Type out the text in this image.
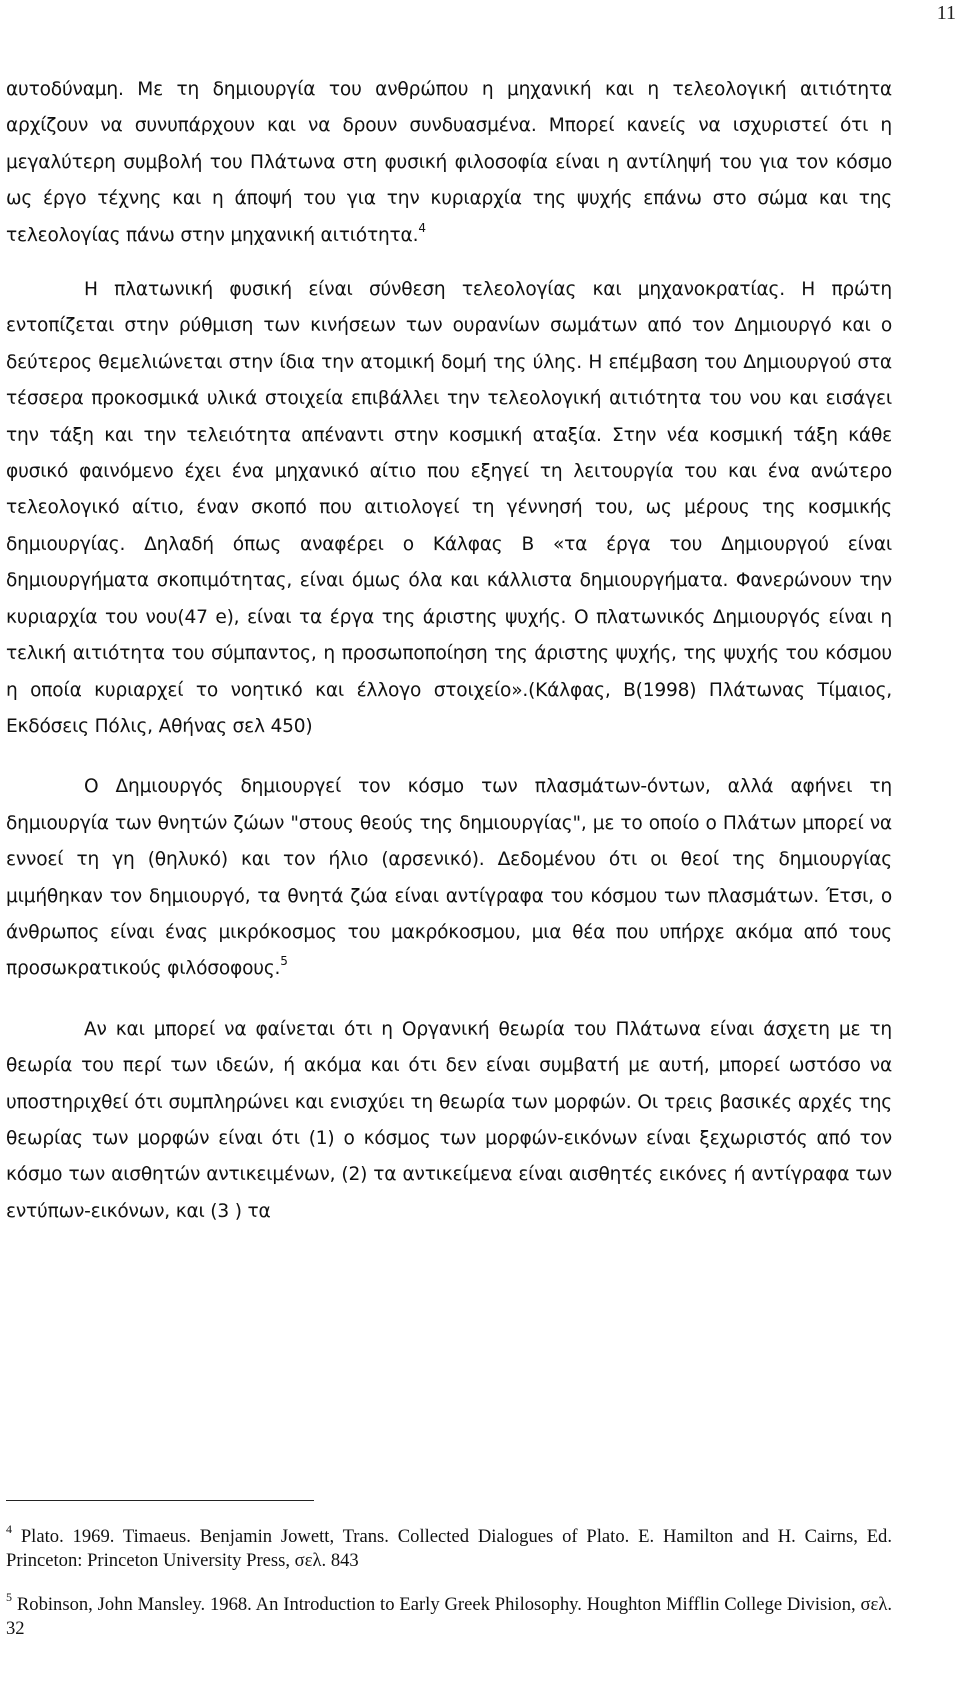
11

αυτοδύναμη. Με τη δημιουργία του ανθρώπου η μηχανική και η τελεολογική αιτιότητα αρχίζουν να συνυπάρχουν και να δρουν συνδυασμένα. Μπορεί κανείς να ισχυριστεί ότι η μεγαλύτερη συμβολή του Πλάτωνα στη φυσική φιλοσοφία είναι η αντίληψή του για τον κόσμο ως έργο τέχνης και η άποψή του για την κυριαρχία της ψυχής επάνω στο σώμα και της τελεολογίας πάνω στην μηχανική αιτιότητα.$^4$

Η πλατωνική φυσική είναι σύνθεση τελεολογίας και μηχανοκρατίας. Η πρώτη εντοπίζεται στην ρύθμιση των κινήσεων των ουρανίων σωμάτων από τον Δημιουργό και ο δεύτερος θεμελιώνεται στην ίδια την ατομική δομή της ύλης. Η επέμβαση του Δημιουργού στα τέσσερα προκοσμικά υλικά στοιχεία επιβάλλει την τελεολογική αιτιότητα του νου και εισάγει την τάξη και την τελειότητα απέναντι στην κοσμική αταξία. Στην νέα κοσμική τάξη κάθε φυσικό φαινόμενο έχει ένα μηχανικό αίτιο που εξηγεί τη λειτουργία του και ένα ανώτερο τελεολογικό αίτιο, έναν σκοπό που αιτιολογεί τη γέννησή του, ως μέρους της κοσμικής δημιουργίας. Δηλαδή όπως αναφέρει ο Κάλφας Β «τα έργα του Δημιουργού είναι δημιουργήματα σκοπιμότητας, είναι όμως όλα και κάλλιστα δημιουργήματα. Φανερώνουν την κυριαρχία του νου(47 e), είναι τα έργα της άριστης ψυχής. Ο πλατωνικός Δημιουργός είναι η τελική αιτιότητα του σύμπαντος, η προσωποποίηση της άριστης ψυχής, της ψυχής του κόσμου η οποία κυριαρχεί το νοητικό και έλλογο στοιχείο».(Κάλφας, Β(1998) Πλάτωνας Τίμαιος, Εκδόσεις Πόλις, Αθήνας σελ 450)

Ο Δημιουργός δημιουργεί τον κόσμο των πλασμάτων-όντων, αλλά αφήνει τη δημιουργία των θνητών ζώων "στους θεούς της δημιουργίας", με το οποίο ο Πλάτων μπορεί να εννοεί τη γη (θηλυκό) και τον ήλιο (αρσενικό). Δεδομένου ότι οι θεοί της δημιουργίας μιμήθηκαν τον δημιουργό, τα θνητά ζώα είναι αντίγραφα του κόσμου των πλασμάτων. Έτσι, ο άνθρωπος είναι ένας μικρόκοσμος του μακρόκοσμου, μια θέα που υπήρχε ακόμα από τους προσωκρατικούς φιλόσοφους.$^5$

Αν και μπορεί να φαίνεται ότι η Οργανική θεωρία του Πλάτωνα είναι άσχετη με τη θεωρία του περί των ιδεών, ή ακόμα και ότι δεν είναι συμβατή με αυτή, μπορεί ωστόσο να υποστηριχθεί ότι συμπληρώνει και ενισχύει τη θεωρία των μορφών. Οι τρεις βασικές αρχές της θεωρίας των μορφών είναι ότι (1) ο κόσμος των μορφών-εικόνων είναι ξεχωριστός από τον κόσμο των αισθητών αντικειμένων, (2) τα αντικείμενα είναι αισθητές εικόνες ή αντίγραφα των εντύπων-εικόνων, και (3 ) τα

$^4$ Plato. 1969. Timaeus. Benjamin Jowett, Trans. Collected Dialogues of Plato. E. Hamilton and H. Cairns, Ed. Princeton: Princeton University Press, σελ. 843

$^5$ Robinson, John Mansley. 1968. An Introduction to Early Greek Philosophy. Houghton Mifflin College Division, σελ. 32
